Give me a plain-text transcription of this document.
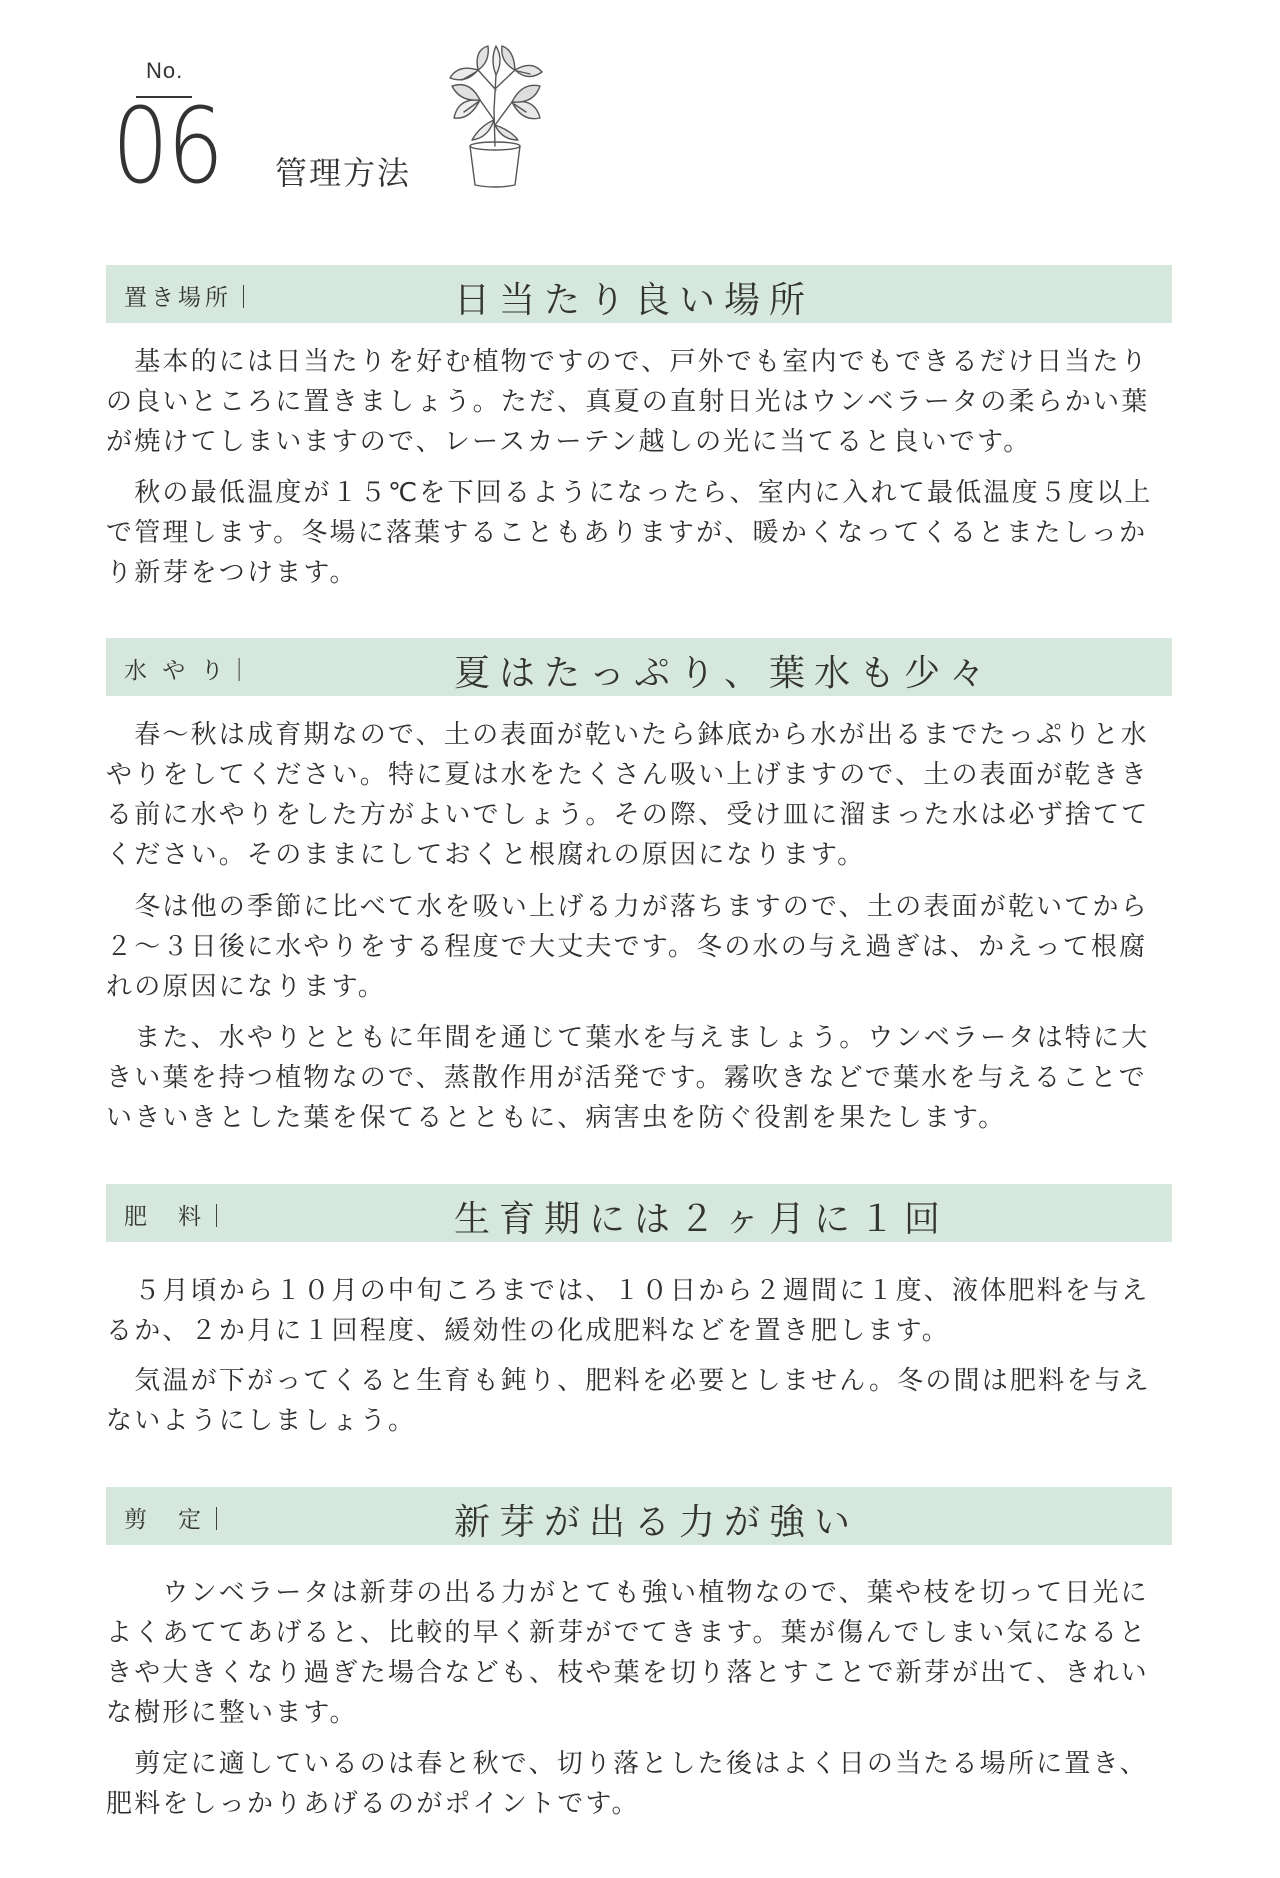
No.
06 管理方法
置き場所｜	日当たり良い場所
　基本的には日当たりを好む植物ですので、戸外でも室内でもできるだけ日当たり
の良いところに置きましょう。ただ、真夏の直射日光はウンベラータの柔らかい葉
が焼けてしまいますので、レースカーテン越しの光に当てると良いです。
　秋の最低温度が１５℃を下回るようになったら、室内に入れて最低温度５度以上
で管理します。冬場に落葉することもありますが、暖かくなってくるとまたしっか
り新芽をつけます。
水 や り｜	夏はたっぷり、葉水も少々
　春〜秋は成育期なので、土の表面が乾いたら鉢底から水が出るまでたっぷりと水
やりをしてください。特に夏は水をたくさん吸い上げますので、土の表面が乾きき
る前に水やりをした方がよいでしょう。その際、受け皿に溜まった水は必ず捨てて
ください。そのままにしておくと根腐れの原因になります。
　冬は他の季節に比べて水を吸い上げる力が落ちますので、土の表面が乾いてから
２〜３日後に水やりをする程度で大丈夫です。冬の水の与え過ぎは、かえって根腐
れの原因になります。
　また、水やりとともに年間を通じて葉水を与えましょう。ウンベラータは特に大
きい葉を持つ植物なので、蒸散作用が活発です。霧吹きなどで葉水を与えることで
いきいきとした葉を保てるとともに、病害虫を防ぐ役割を果たします。
肥　料｜	生育期には２ヶ月に１回
　５月頃から１０月の中旬ころまでは、１０日から２週間に１度、液体肥料を与え
るか、２か月に１回程度、緩効性の化成肥料などを置き肥します。
　気温が下がってくると生育も鈍り、肥料を必要としません。冬の間は肥料を与え
ないようにしましょう。
剪　定｜	新芽が出る力が強い
　　ウンベラータは新芽の出る力がとても強い植物なので、葉や枝を切って日光に
よくあててあげると、比較的早く新芽がでてきます。葉が傷んでしまい気になると
きや大きくなり過ぎた場合なども、枝や葉を切り落とすことで新芽が出て、きれい
な樹形に整います。
　剪定に適しているのは春と秋で、切り落とした後はよく日の当たる場所に置き、
肥料をしっかりあげるのがポイントです。
